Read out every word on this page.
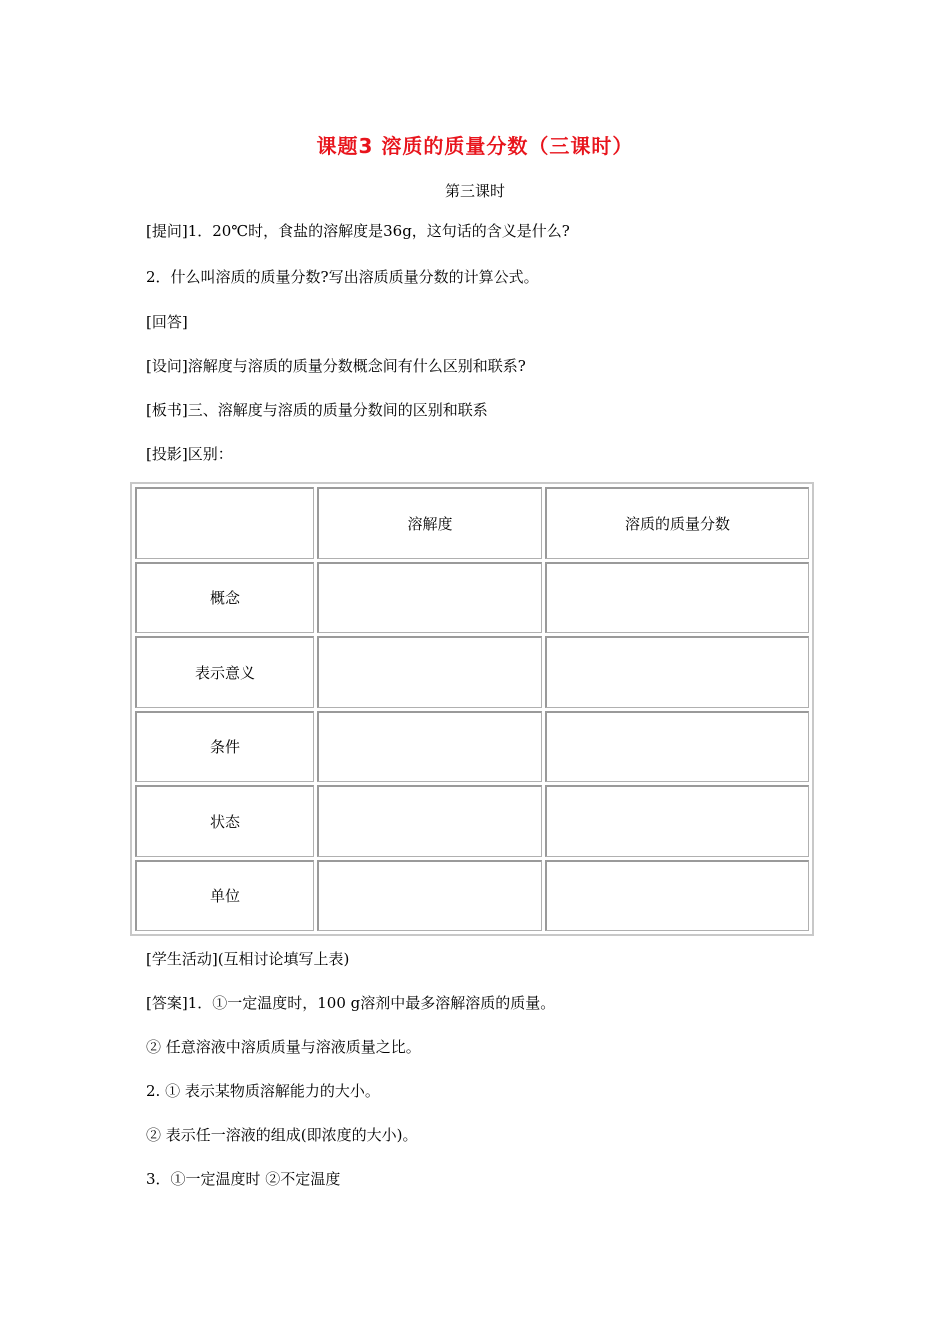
课题3 溶质的质量分数（三课时）
第三课时
[提问]1．20℃时，食盐的溶解度是36g，这句话的含义是什么?
2．什么叫溶质的质量分数?写出溶质质量分数的计算公式。
[回答]
[设问]溶解度与溶质的质量分数概念间有什么区别和联系?
[板书]三、溶解度与溶质的质量分数间的区别和联系
[投影]区别：
	溶解度	溶质的质量分数
概念		
表示意义		
条件		
状态		
单位		
[学生活动](互相讨论填写上表)
[答案]1．①一定温度时，100 g溶剂中最多溶解溶质的质量。
② 任意溶液中溶质质量与溶液质量之比。
2. ① 表示某物质溶解能力的大小。
② 表示任一溶液的组成(即浓度的大小)。
3．①一定温度时 ②不定温度
